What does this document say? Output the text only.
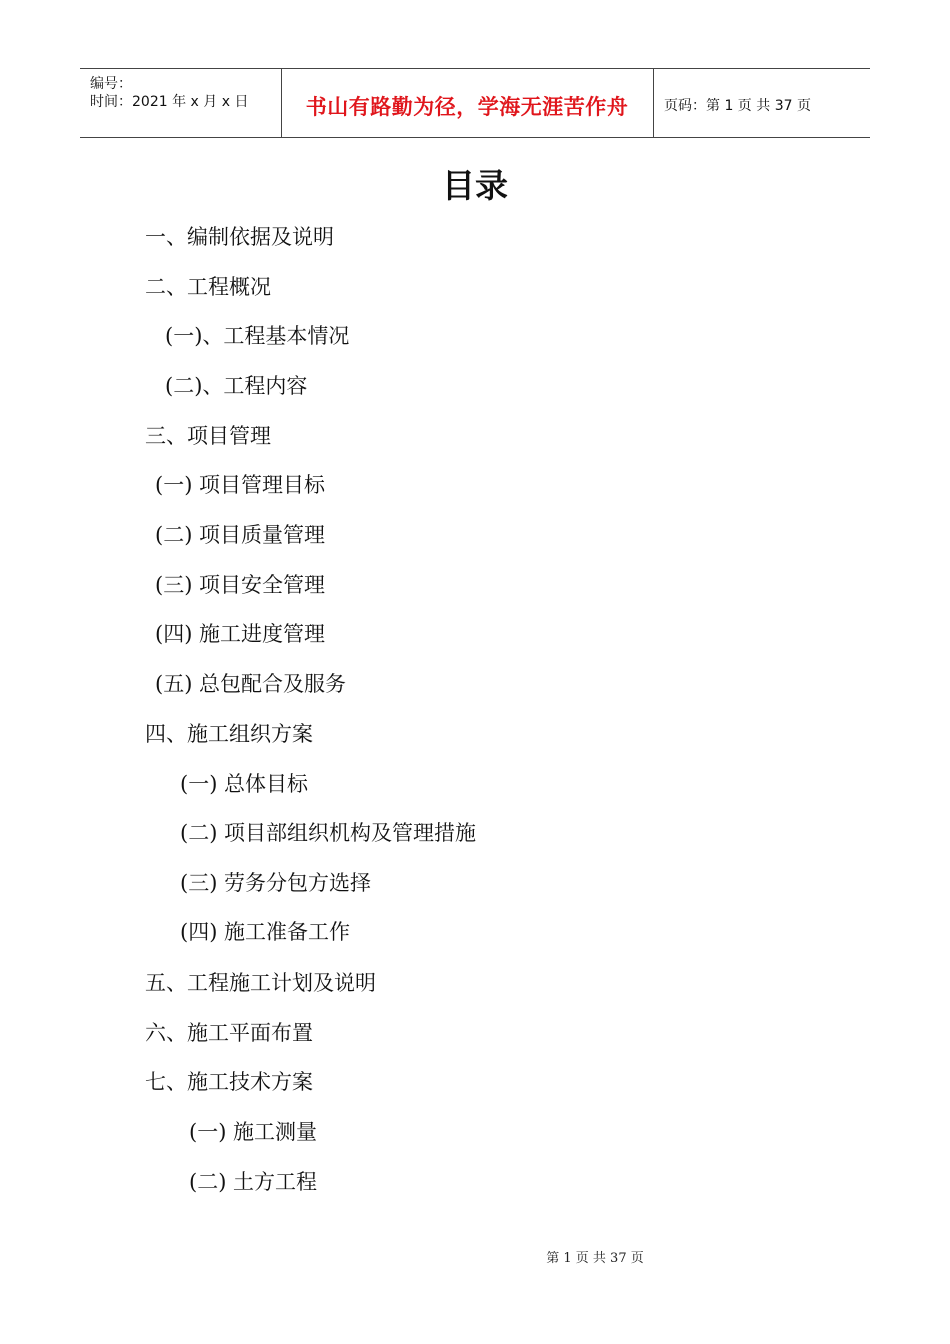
编号：
时间：2021 年 x 月 x 日	书山有路勤为径，学海无涯苦作舟	页码：第 1 页 共 37 页
目录
一、编制依据及说明
二、工程概况
(一)、工程基本情况
(二)、工程内容
三、项目管理
(一) 项目管理目标
(二) 项目质量管理
(三) 项目安全管理
(四) 施工进度管理
(五) 总包配合及服务
四、施工组织方案
(一) 总体目标
(二) 项目部组织机构及管理措施
(三) 劳务分包方选择
(四) 施工准备工作
五、工程施工计划及说明
六、施工平面布置
七、施工技术方案
(一) 施工测量
(二) 土方工程
第 1 页 共 37 页
